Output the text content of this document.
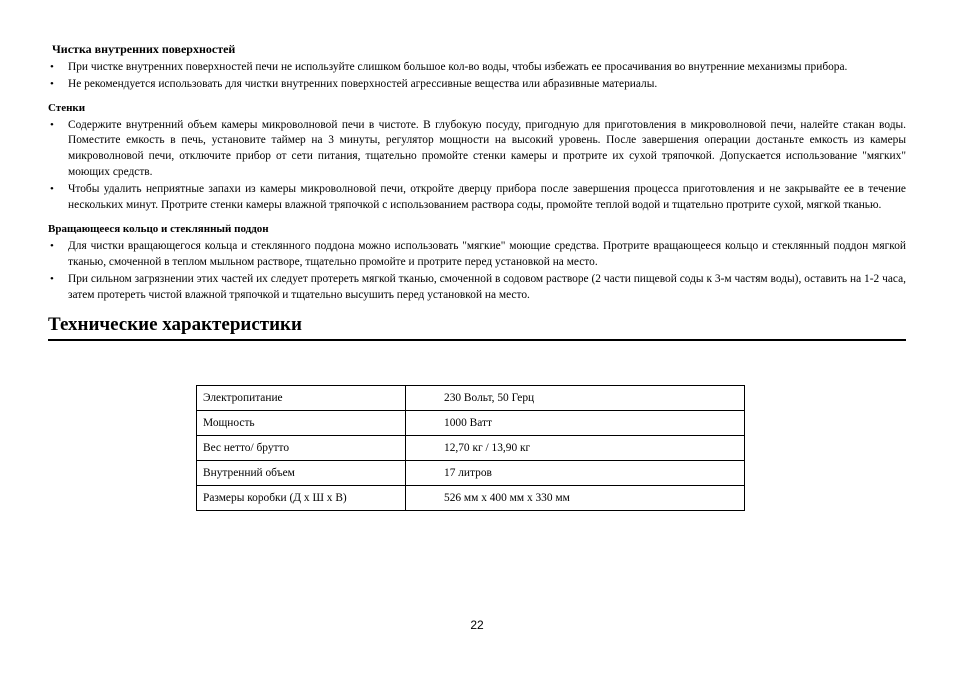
Чистка внутренних поверхностей
• При чистке внутренних поверхностей печи не используйте слишком большое кол-во воды, чтобы избежать ее просачивания во внутренние механизмы прибора.
• Не рекомендуется использовать для чистки внутренних поверхностей агрессивные вещества или абразивные материалы.
Стенки
• Содержите внутренний объем камеры микроволновой печи в чистоте. В глубокую посуду, пригодную для приготовления в микроволновой печи, налейте стакан воды. Поместите емкость в печь, установите таймер на 3 минуты, регулятор мощности на высокий уровень. После завершения операции достаньте емкость из камеры микроволновой печи, отключите прибор от сети питания, тщательно промойте стенки камеры и протрите их сухой тряпочкой. Допускается использование "мягких" моющих средств.
• Чтобы удалить неприятные запахи из камеры микроволновой печи, откройте дверцу прибора после завершения процесса приготовления и не закрывайте ее в течение нескольких минут. Протрите стенки камеры влажной тряпочкой с использованием раствора соды, промойте теплой водой и тщательно протрите сухой, мягкой тканью.
Вращающееся кольцо и стеклянный поддон
• Для чистки вращающегося кольца и стеклянного поддона можно использовать "мягкие" моющие средства. Протрите вращающееся кольцо и стеклянный поддон мягкой тканью, смоченной в теплом мыльном растворе, тщательно промойте и протрите перед установкой на место.
• При сильном загрязнении этих частей их следует протереть мягкой тканью, смоченной в содовом растворе (2 части пищевой соды к 3-м частям воды), оставить на 1-2 часа, затем протереть чистой влажной тряпочкой и тщательно высушить перед установкой на место.
Технические характеристики
Электропитание	230 Вольт, 50 Герц
Мощность	1000 Ватт
Вес нетто/ брутто	12,70 кг / 13,90 кг
Внутренний объем	17 литров
Размеры коробки (Д х Ш х В)	526 мм х 400 мм х 330 мм
22
